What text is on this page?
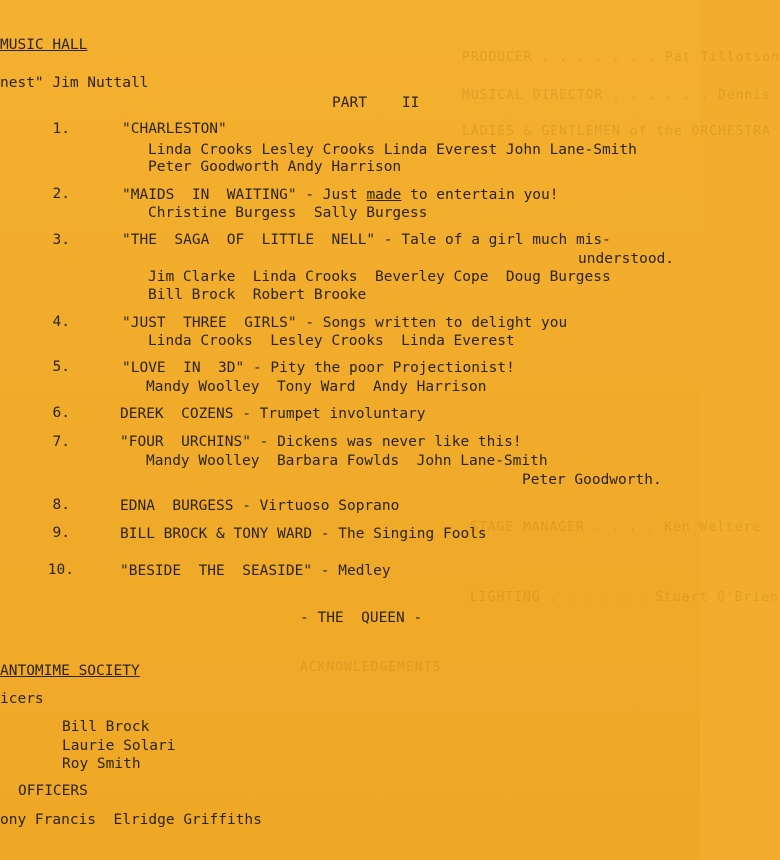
PRODUCER . . . . . . . Pat Tillotson
MUSICAL DIRECTOR . . . . . . Dennis
LADIES & GENTLEMEN of the ORCHESTRA
LIGHTING . . . . . . Stuart O'Brien
STAGE MANAGER . . . . Ken Weltere
ACKNOWLEDGEMENTS
MUSIC HALL
nest" Jim Nuttall
PART    II
1.	"CHARLESTON"
Linda Crooks Lesley Crooks Linda Everest John Lane-Smith
Peter Goodworth Andy Harrison
2.	"MAIDS  IN  WAITING" - Just made to entertain you!
Christine Burgess  Sally Burgess
3.	"THE  SAGA  OF  LITTLE  NELL" - Tale of a girl much mis-
understood.
Jim Clarke  Linda Crooks  Beverley Cope  Doug Burgess
Bill Brock  Robert Brooke
4.	"JUST  THREE  GIRLS" - Songs written to delight you
Linda Crooks  Lesley Crooks  Linda Everest
5.	"LOVE  IN  3D" - Pity the poor Projectionist!
Mandy Woolley  Tony Ward  Andy Harrison
6.	DEREK  COZENS - Trumpet involuntary
7.	"FOUR  URCHINS" - Dickens was never like this!
Mandy Woolley  Barbara Fowlds  John Lane-Smith
Peter Goodworth.
8.	EDNA  BURGESS - Virtuoso Soprano
9.	BILL BROCK & TONY WARD - The Singing Fools
10.	"BESIDE  THE  SEASIDE" - Medley
- THE  QUEEN -
ANTOMIME SOCIETY
icers
Bill Brock
Laurie Solari
Roy Smith
OFFICERS
ony Francis  Elridge Griffiths
